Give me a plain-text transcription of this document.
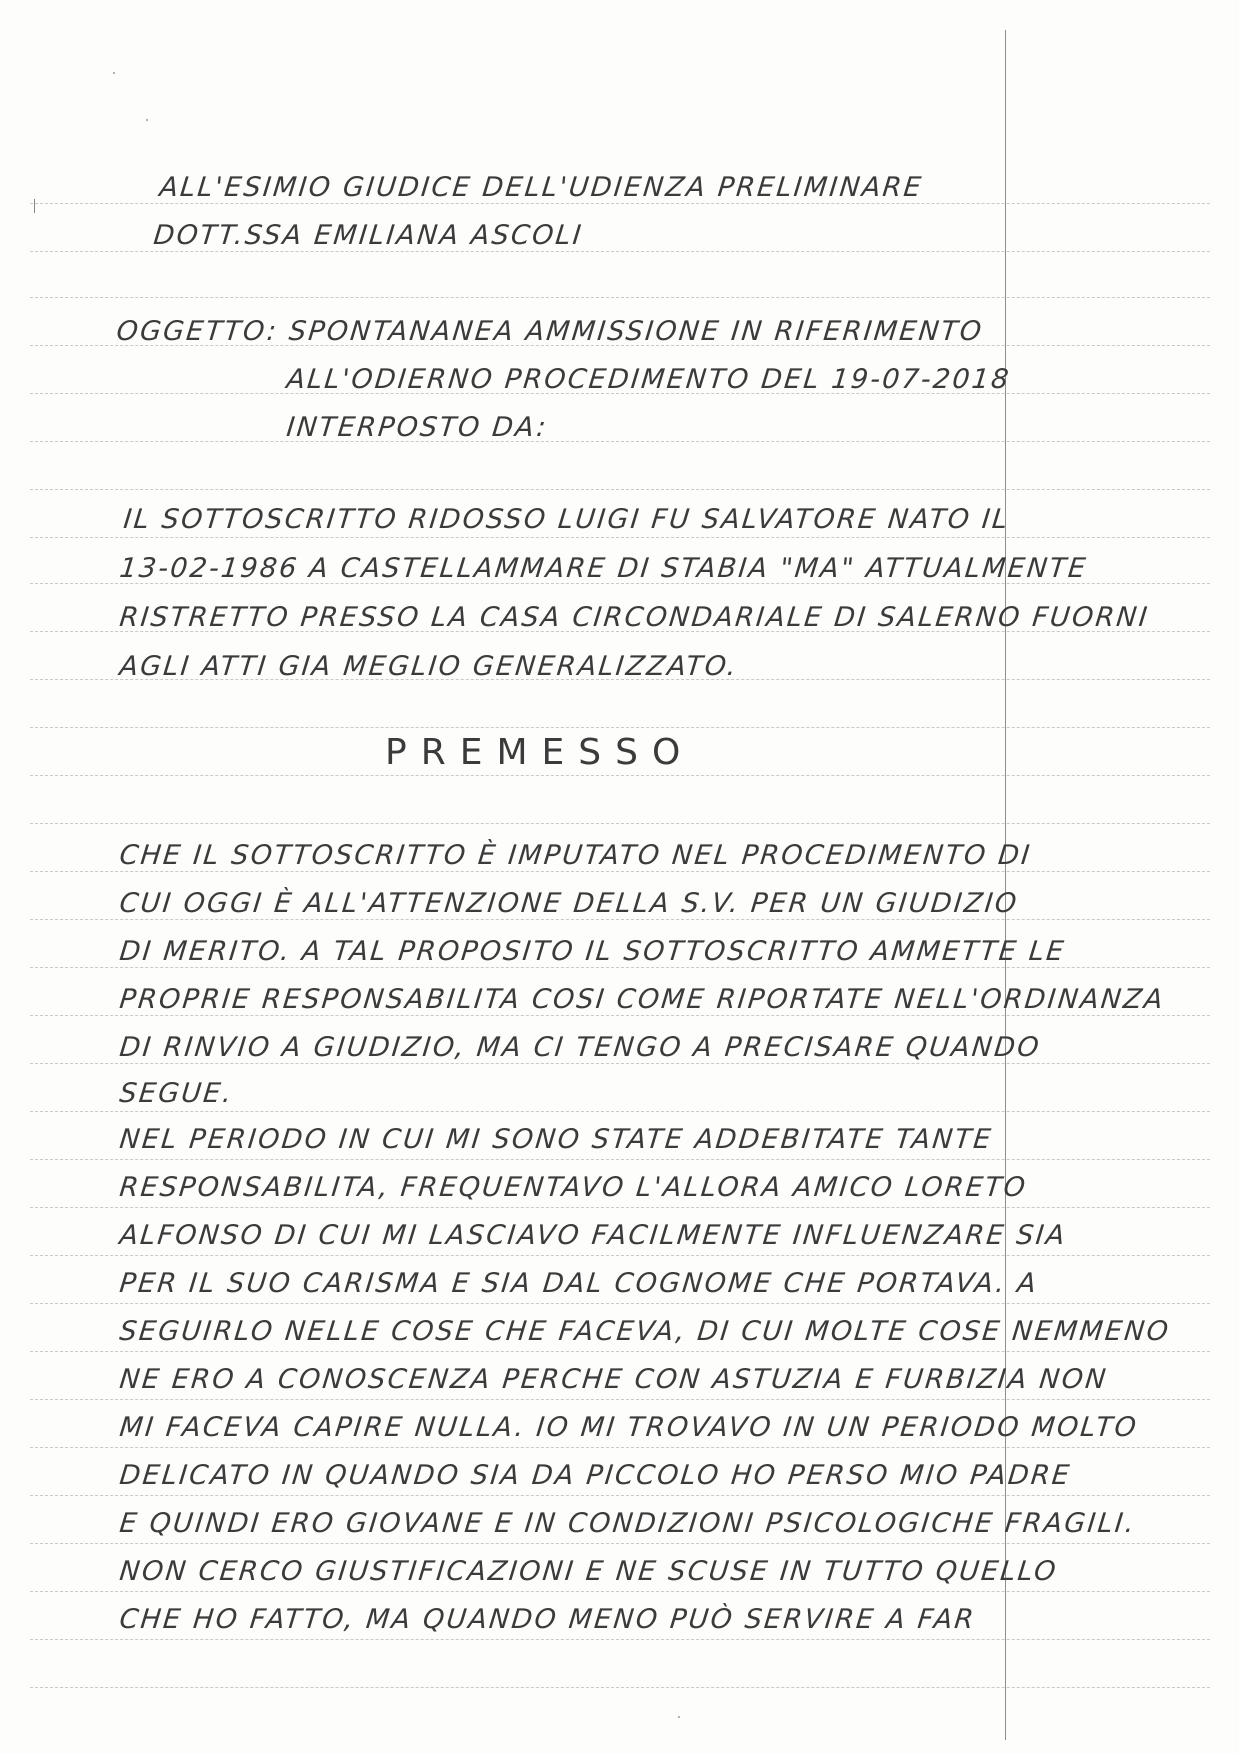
ALL'ESIMIO GIUDICE DELL'UDIENZA PRELIMINARE
DOTT.SSA EMILIANA ASCOLI
OGGETTO: SPONTANANEA AMMISSIONE IN RIFERIMENTO
ALL'ODIERNO PROCEDIMENTO DEL 19-07-2018
INTERPOSTO DA:
IL SOTTOSCRITTO RIDOSSO LUIGI FU SALVATORE NATO IL
13-02-1986 A CASTELLAMMARE DI STABIA "MA" ATTUALMENTE
RISTRETTO PRESSO LA CASA CIRCONDARIALE DI SALERNO FUORNI
AGLI ATTI GIA MEGLIO GENERALIZZATO.
PREMESSO
CHE IL SOTTOSCRITTO È IMPUTATO NEL PROCEDIMENTO DI
CUI OGGI È ALL'ATTENZIONE DELLA S.V. PER UN GIUDIZIO
DI MERITO. A TAL PROPOSITO IL SOTTOSCRITTO AMMETTE LE
PROPRIE RESPONSABILITA COSI COME RIPORTATE NELL'ORDINANZA
DI RINVIO A GIUDIZIO, MA CI TENGO A PRECISARE QUANDO
SEGUE.
NEL PERIODO IN CUI MI SONO STATE ADDEBITATE TANTE
RESPONSABILITA, FREQUENTAVO L'ALLORA AMICO LORETO
ALFONSO DI CUI MI LASCIAVO FACILMENTE INFLUENZARE SIA
PER IL SUO CARISMA E SIA DAL COGNOME CHE PORTAVA. A
SEGUIRLO NELLE COSE CHE FACEVA, DI CUI MOLTE COSE NEMMENO
NE ERO A CONOSCENZA PERCHE CON ASTUZIA E FURBIZIA NON
MI FACEVA CAPIRE NULLA. IO MI TROVAVO IN UN PERIODO MOLTO
DELICATO IN QUANDO SIA DA PICCOLO HO PERSO MIO PADRE
E QUINDI ERO GIOVANE E IN CONDIZIONI PSICOLOGICHE FRAGILI.
NON CERCO GIUSTIFICAZIONI E NE SCUSE IN TUTTO QUELLO
CHE HO FATTO, MA QUANDO MENO PUÒ SERVIRE A FAR
